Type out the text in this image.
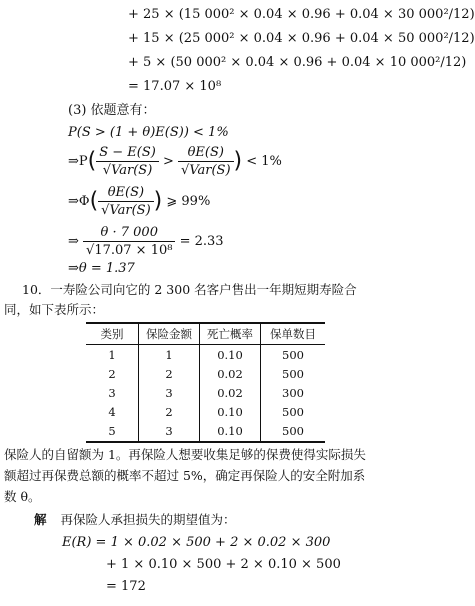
+ 25 × (15 000² × 0.04 × 0.96 + 0.04 × 30 000²/12)
+ 15 × (25 000² × 0.04 × 0.96 + 0.04 × 50 000²/12)
+ 5 × (50 000² × 0.04 × 0.96 + 0.04 × 10 000²/12)
= 17.07 × 10⁸
(3) 依题意有：
P(S > (1 + θ)E(S)) < 1%
⇒P( $\frac{S - E(S)}{\text{√Var(S)}} > \frac{\theta E(S)}{\text{√Var(S)}}$ ) < 1%
⇒Φ( $\frac{\theta E(S)}{\text{√Var(S)}}$ ) ⩾ 99%
⇒ $\frac{\theta \cdot 7 000}{\text{√17.07 × 10⁸}} = 2.33$
⇒θ = 1.37
10．一寿险公司向它的 2 300 名客户售出一年期短期寿险合
同，如下表所示：
类别	保险金额	死亡概率	保单数目
1	1	0.10	500
2	2	0.02	500
3	3	0.02	300
4	2	0.10	500
5	3	0.10	500
保险人的自留额为 1。再保险人想要收集足够的保费使得实际损失
额超过再保费总额的概率不超过 5%，确定再保险人的安全附加系
数 θ。
解 再保险人承担损失的期望值为：
E(R) = 1 × 0.02 × 500 + 2 × 0.02 × 300
+ 1 × 0.10 × 500 + 2 × 0.10 × 500
= 172
